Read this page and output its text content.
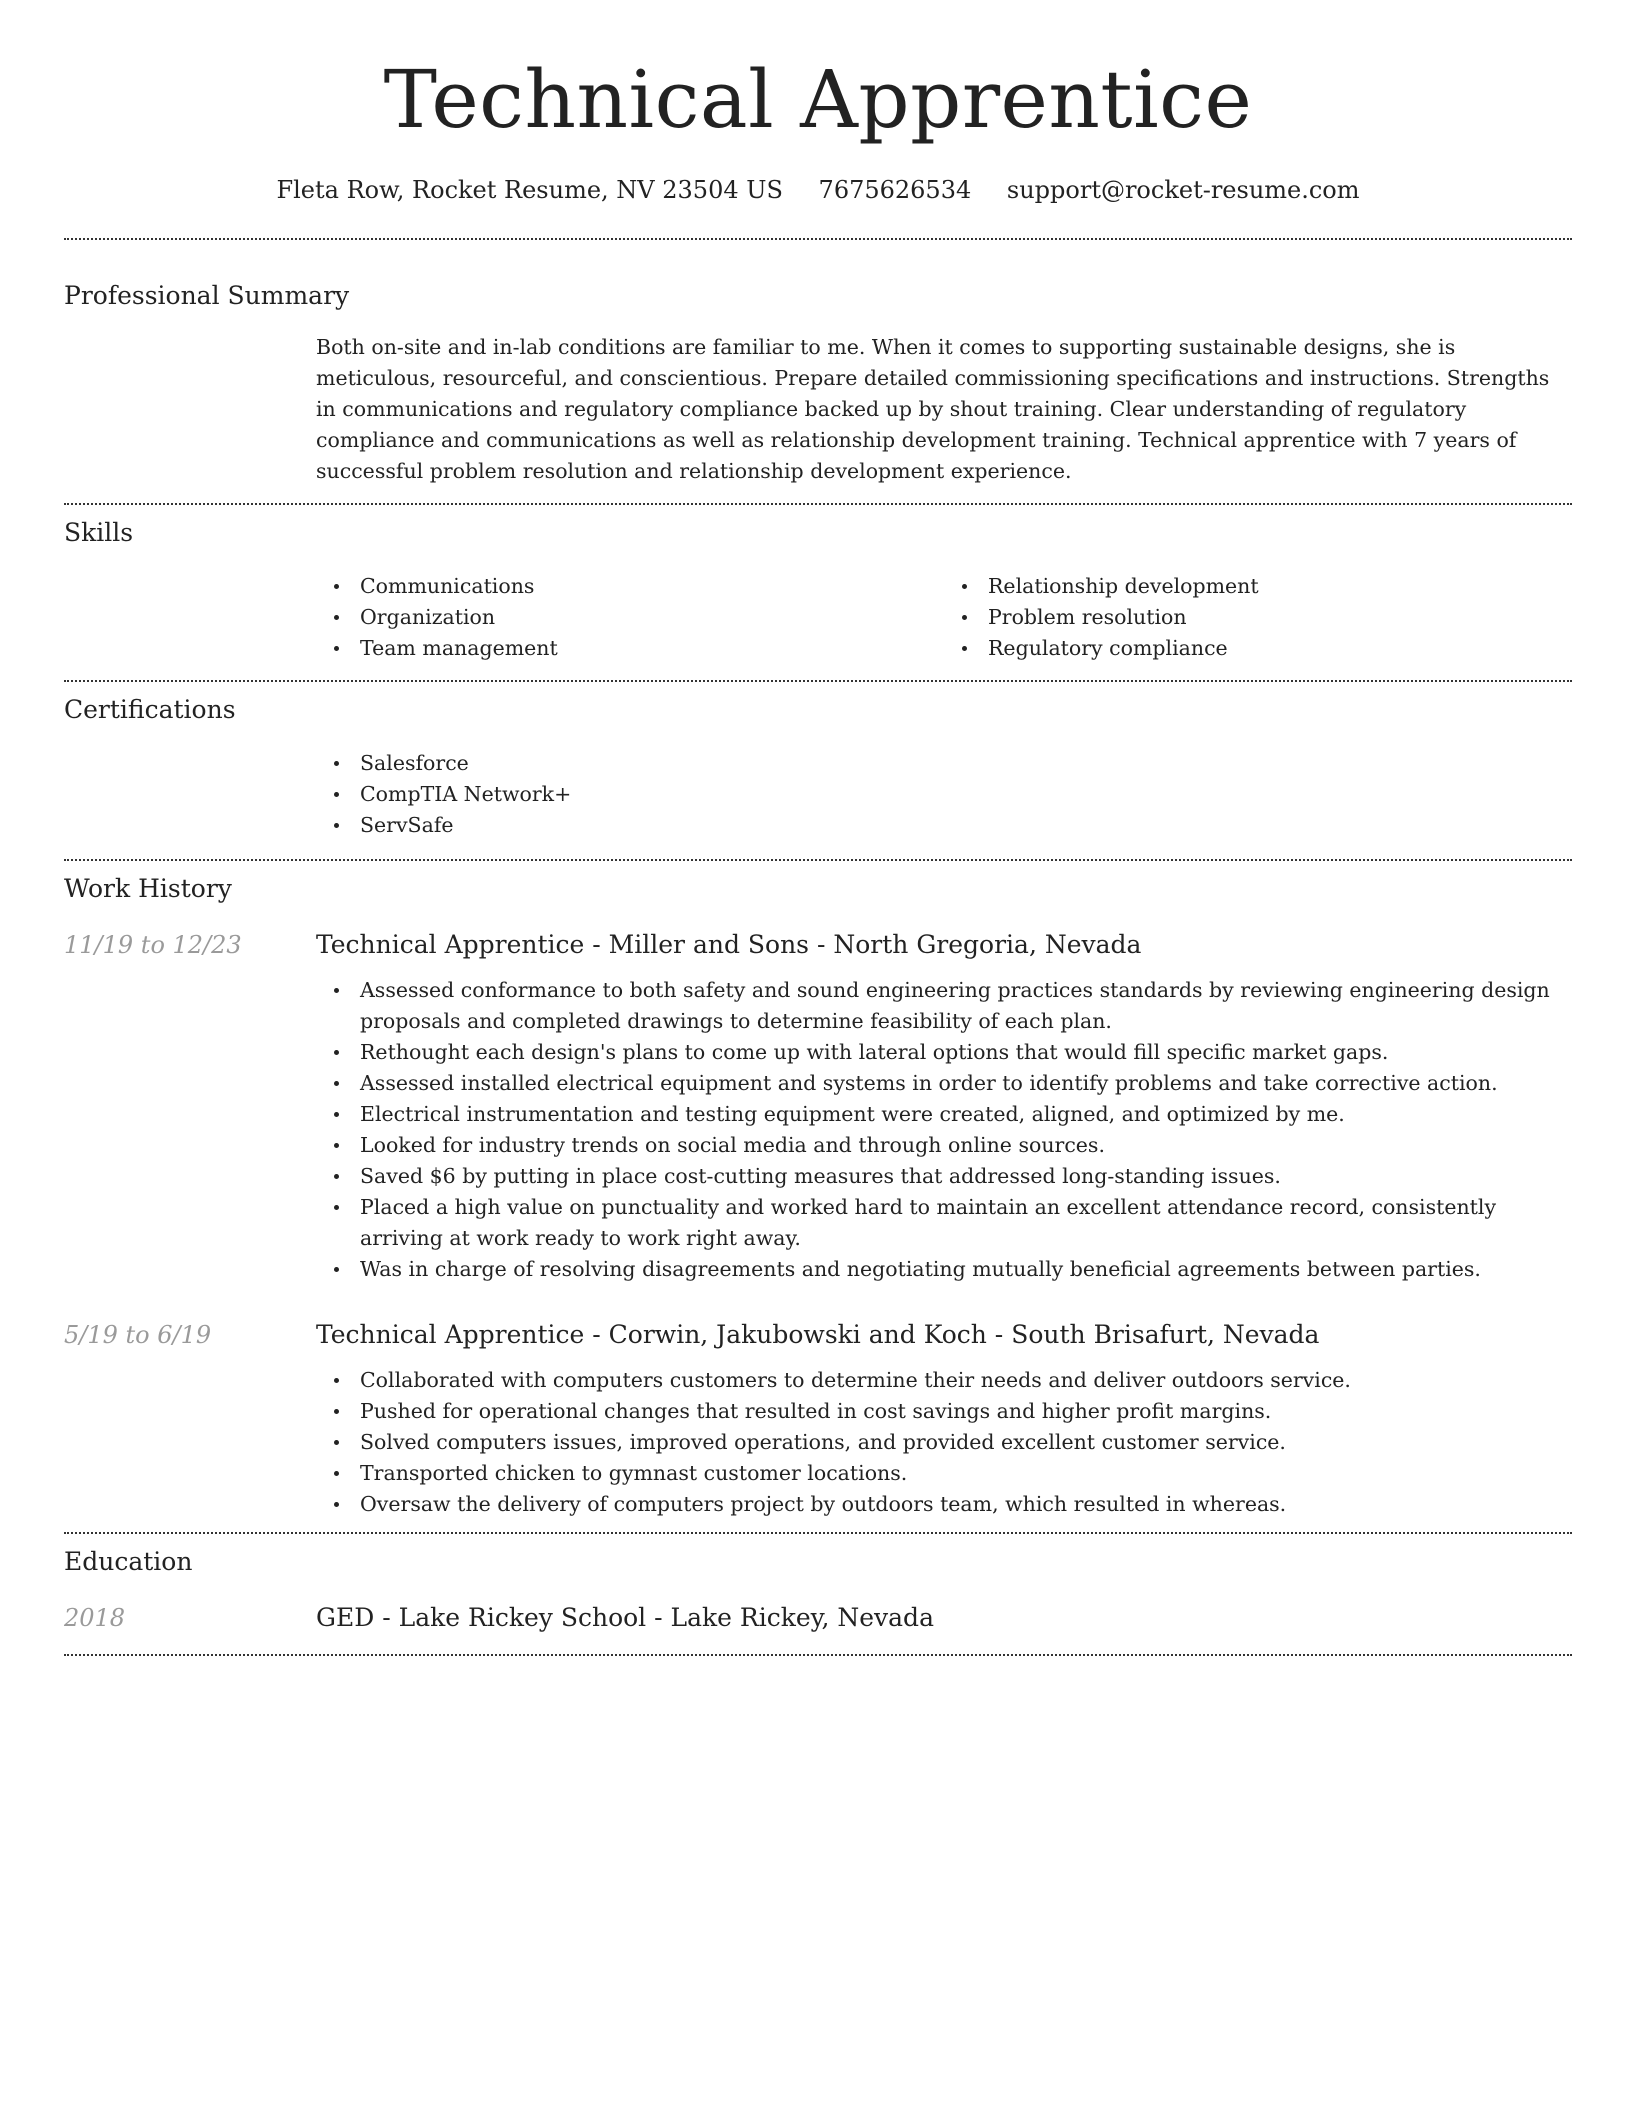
Technical Apprentice
Fleta Row, Rocket Resume, NV 23504 US 7675626534 support@rocket-resume.com
Professional Summary
Both on-site and in-lab conditions are familiar to me. When it comes to supporting sustainable designs, she is meticulous, resourceful, and conscientious. Prepare detailed commissioning specifications and instructions. Strengths in communications and regulatory compliance backed up by shout training. Clear understanding of regulatory compliance and communications as well as relationship development training. Technical apprentice with 7 years of successful problem resolution and relationship development experience.
Skills
Communications
Organization
Team management
Relationship development
Problem resolution
Regulatory compliance
Certifications
Salesforce
CompTIA Network+
ServSafe
Work History
11/19 to 12/23	Technical Apprentice - Miller and Sons - North Gregoria, Nevada
Assessed conformance to both safety and sound engineering practices standards by reviewing engineering design proposals and completed drawings to determine feasibility of each plan.
Rethought each design's plans to come up with lateral options that would fill specific market gaps.
Assessed installed electrical equipment and systems in order to identify problems and take corrective action.
Electrical instrumentation and testing equipment were created, aligned, and optimized by me.
Looked for industry trends on social media and through online sources.
Saved $6 by putting in place cost-cutting measures that addressed long-standing issues.
Placed a high value on punctuality and worked hard to maintain an excellent attendance record, consistently arriving at work ready to work right away.
Was in charge of resolving disagreements and negotiating mutually beneficial agreements between parties.
5/19 to 6/19	Technical Apprentice - Corwin, Jakubowski and Koch - South Brisafurt, Nevada
Collaborated with computers customers to determine their needs and deliver outdoors service.
Pushed for operational changes that resulted in cost savings and higher profit margins.
Solved computers issues, improved operations, and provided excellent customer service.
Transported chicken to gymnast customer locations.
Oversaw the delivery of computers project by outdoors team, which resulted in whereas.
Education
2018	GED - Lake Rickey School - Lake Rickey, Nevada
